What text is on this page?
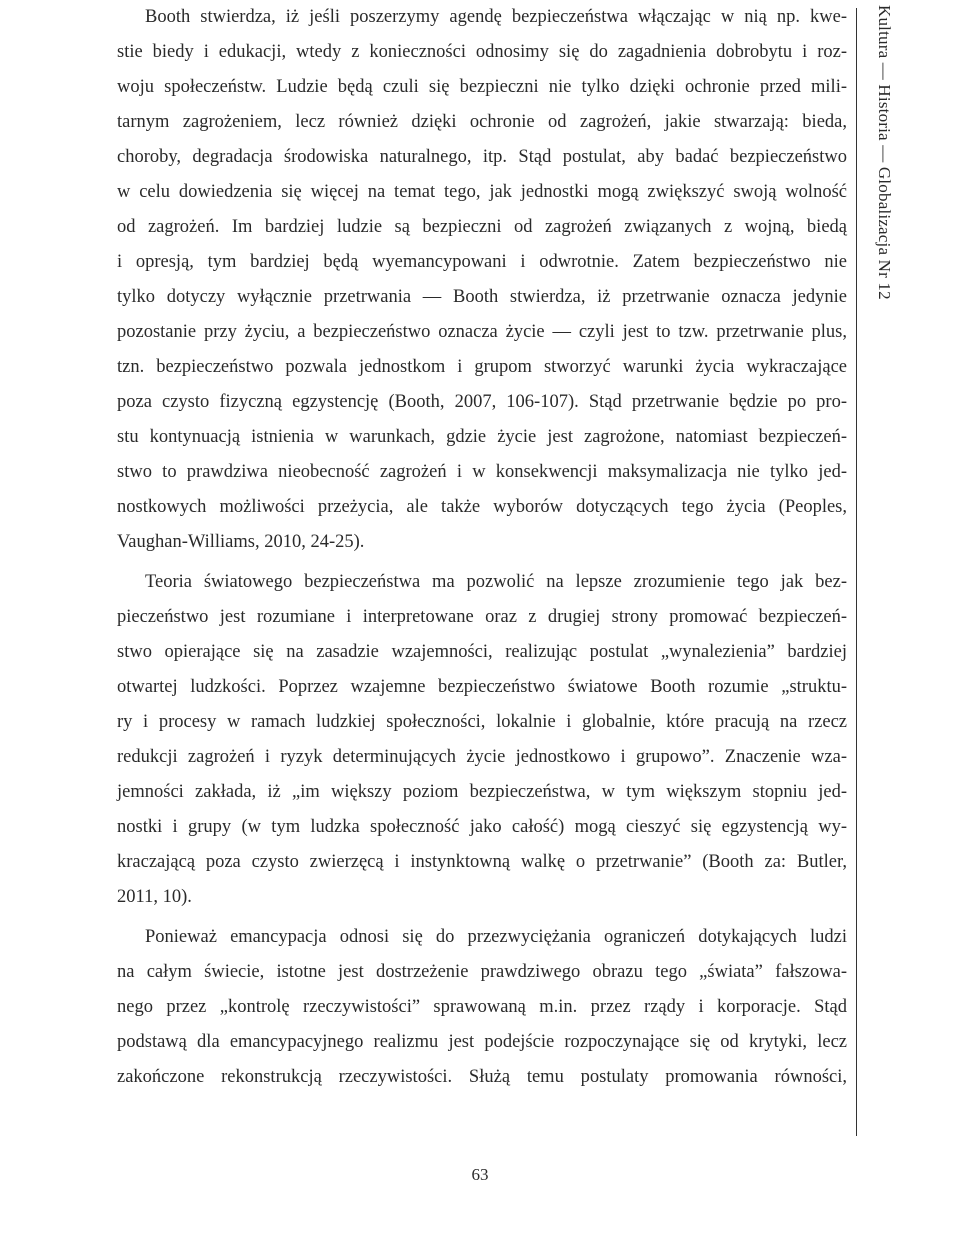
Booth stwierdza, iż jeśli poszerzymy agendę bezpieczeństwa włączając w nią np. kwe-
stie biedy i edukacji, wtedy z konieczności odnosimy się do zagadnienia dobrobytu i roz-
woju społeczeństw. Ludzie będą czuli się bezpieczni nie tylko dzięki ochronie przed mili-
tarnym zagrożeniem, lecz również dzięki ochronie od zagrożeń, jakie stwarzają: bieda,
choroby, degradacja środowiska naturalnego, itp. Stąd postulat, aby badać bezpieczeństwo
w celu dowiedzenia się więcej na temat tego, jak jednostki mogą zwiększyć swoją wolność
od zagrożeń. Im bardziej ludzie są bezpieczni od zagrożeń związanych z wojną, biedą
i opresją, tym bardziej będą wyemancypowani i odwrotnie. Zatem bezpieczeństwo nie
tylko dotyczy wyłącznie przetrwania — Booth stwierdza, iż przetrwanie oznacza jedynie
pozostanie przy życiu, a bezpieczeństwo oznacza życie — czyli jest to tzw. przetrwanie plus,
tzn. bezpieczeństwo pozwala jednostkom i grupom stworzyć warunki życia wykraczające
poza czysto fizyczną egzystencję (Booth, 2007, 106-107). Stąd przetrwanie będzie po pro-
stu kontynuacją istnienia w warunkach, gdzie życie jest zagrożone, natomiast bezpieczeń-
stwo to prawdziwa nieobecność zagrożeń i w konsekwencji maksymalizacja nie tylko jed-
nostkowych możliwości przeżycia, ale także wyborów dotyczących tego życia (Peoples,
Vaughan-Williams, 2010, 24-25).
Teoria światowego bezpieczeństwa ma pozwolić na lepsze zrozumienie tego jak bez-
pieczeństwo jest rozumiane i interpretowane oraz z drugiej strony promować bezpieczeń-
stwo opierające się na zasadzie wzajemności, realizując postulat „wynalezienia” bardziej
otwartej ludzkości. Poprzez wzajemne bezpieczeństwo światowe Booth rozumie „struktu-
ry i procesy w ramach ludzkiej społeczności, lokalnie i globalnie, które pracują na rzecz
redukcji zagrożeń i ryzyk determinujących życie jednostkowo i grupowo”. Znaczenie wza-
jemności zakłada, iż „im większy poziom bezpieczeństwa, w tym większym stopniu jed-
nostki i grupy (w tym ludzka społeczność jako całość) mogą cieszyć się egzystencją wy-
kraczającą poza czysto zwierzęcą i instynktowną walkę o przetrwanie” (Booth za: Butler,
2011, 10).
Ponieważ emancypacja odnosi się do przezwyciężania ograniczeń dotykających ludzi
na całym świecie, istotne jest dostrzeżenie prawdziwego obrazu tego „świata” fałszowa-
nego przez „kontrolę rzeczywistości” sprawowaną m.in. przez rządy i korporacje. Stąd
podstawą dla emancypacyjnego realizmu jest podejście rozpoczynające się od krytyki, lecz
zakończone rekonstrukcją rzeczywistości. Służą temu postulaty promowania równości,
Kultura — Historia — Globalizacja Nr 12
63
